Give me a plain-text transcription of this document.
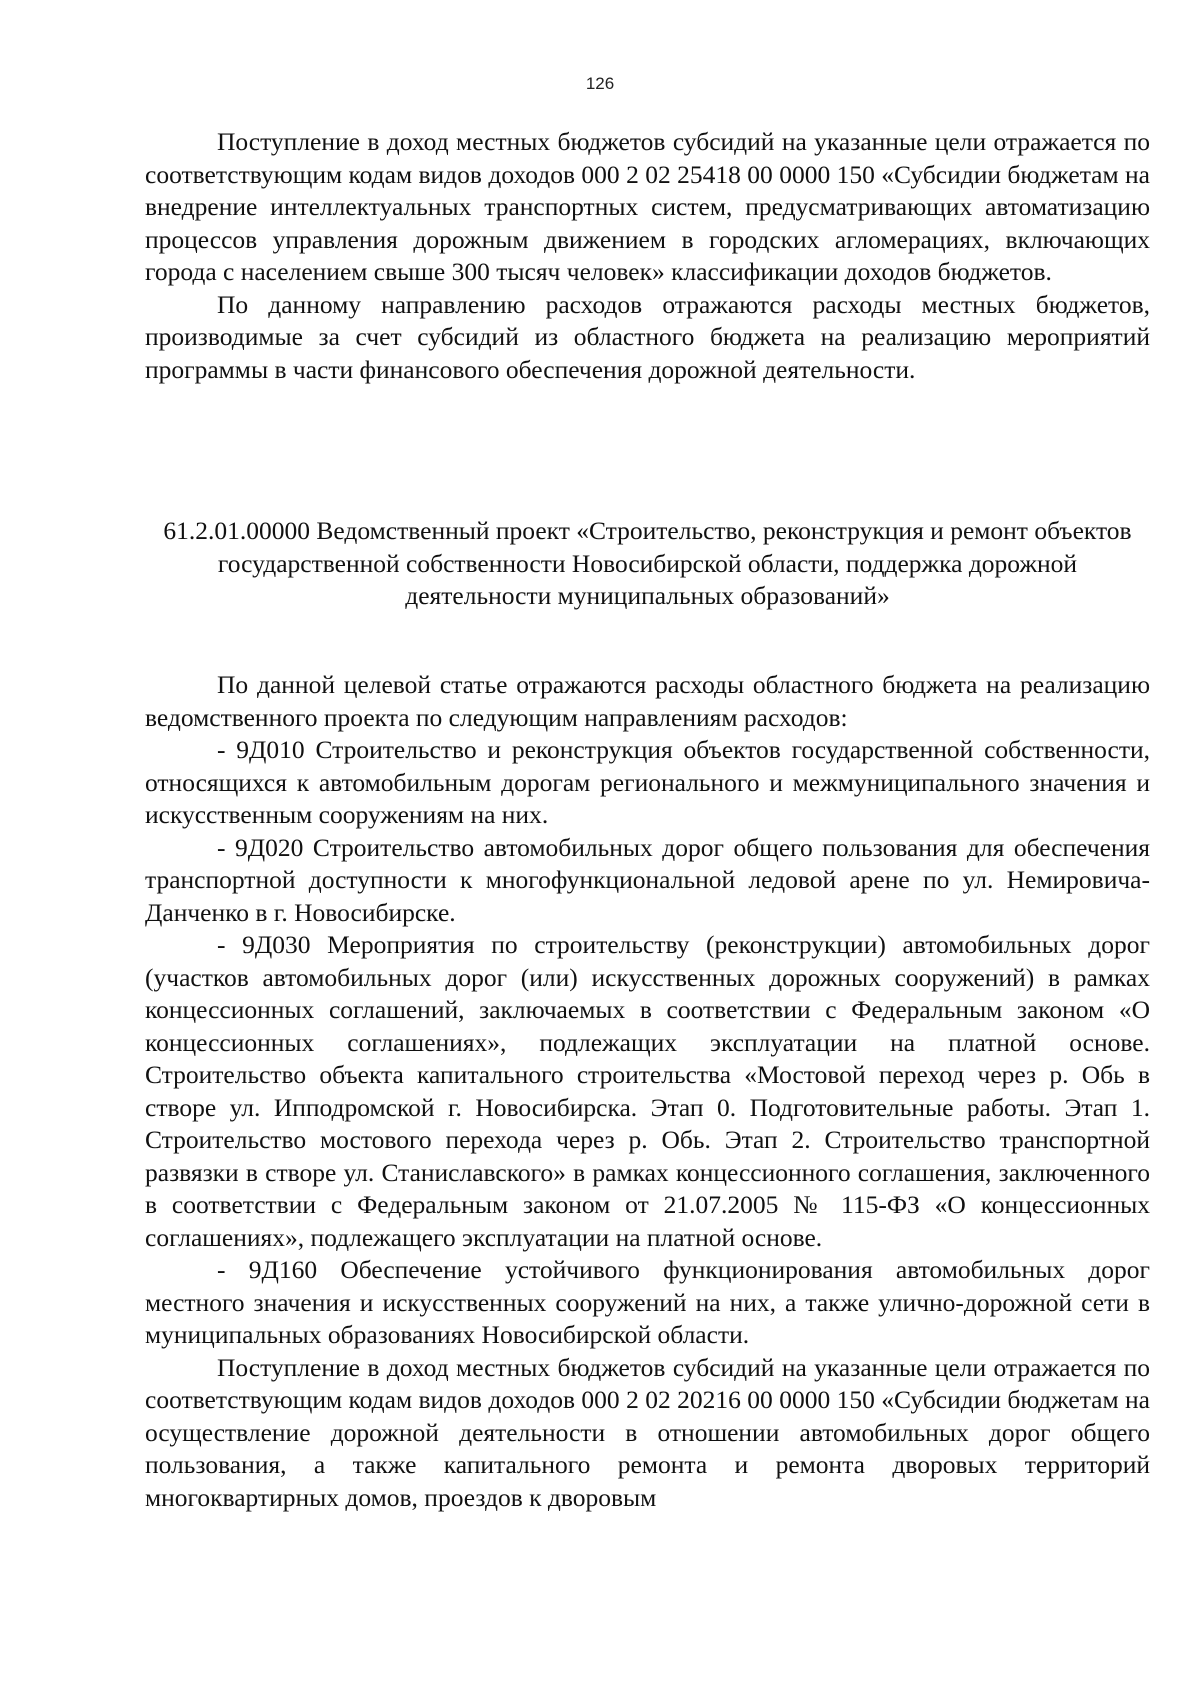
126

Поступление в доход местных бюджетов субсидий на указанные цели отражается по соответствующим кодам видов доходов 000 2 02 25418 00 0000 150 «Субсидии бюджетам на внедрение интеллектуальных транспортных систем, предусматривающих автоматизацию процессов управления дорожным движением в городских агломерациях, включающих города с населением свыше 300 тысяч человек» классификации доходов бюджетов.

По данному направлению расходов отражаются расходы местных бюджетов, производимые за счет субсидий из областного бюджета на реализацию мероприятий программы в части финансового обеспечения дорожной деятельности.

61.2.01.00000 Ведомственный проект «Строительство, реконструкция и ремонт объектов государственной собственности Новосибирской области, поддержка дорожной деятельности муниципальных образований»

По данной целевой статье отражаются расходы областного бюджета на реализацию ведомственного проекта по следующим направлениям расходов:

- 9Д010 Строительство и реконструкция объектов государственной собственности, относящихся к автомобильным дорогам регионального и межмуниципального значения и искусственным сооружениям на них.

- 9Д020 Строительство автомобильных дорог общего пользования для обеспечения транспортной доступности к многофункциональной ледовой арене по ул. Немировича-Данченко в г. Новосибирске.

- 9Д030 Мероприятия по строительству (реконструкции) автомобильных дорог (участков автомобильных дорог (или) искусственных дорожных сооружений) в рамках концессионных соглашений, заключаемых в соответствии с Федеральным законом «О концессионных соглашениях», подлежащих эксплуатации на платной основе. Строительство объекта капитального строительства «Мостовой переход через р. Обь в створе ул. Ипподромской г. Новосибирска. Этап 0. Подготовительные работы. Этап 1. Строительство мостового перехода через р. Обь. Этап 2. Строительство транспортной развязки в створе ул. Станиславского» в рамках концессионного соглашения, заключенного в соответствии с Федеральным законом от 21.07.2005 № 115-ФЗ «О концессионных соглашениях», подлежащего эксплуатации на платной основе.

- 9Д160 Обеспечение устойчивого функционирования автомобильных дорог местного значения и искусственных сооружений на них, а также улично-дорожной сети в муниципальных образованиях Новосибирской области.

Поступление в доход местных бюджетов субсидий на указанные цели отражается по соответствующим кодам видов доходов 000 2 02 20216 00 0000 150 «Субсидии бюджетам на осуществление дорожной деятельности в отношении автомобильных дорог общего пользования, а также капитального ремонта и ремонта дворовых территорий многоквартирных домов, проездов к дворовым
